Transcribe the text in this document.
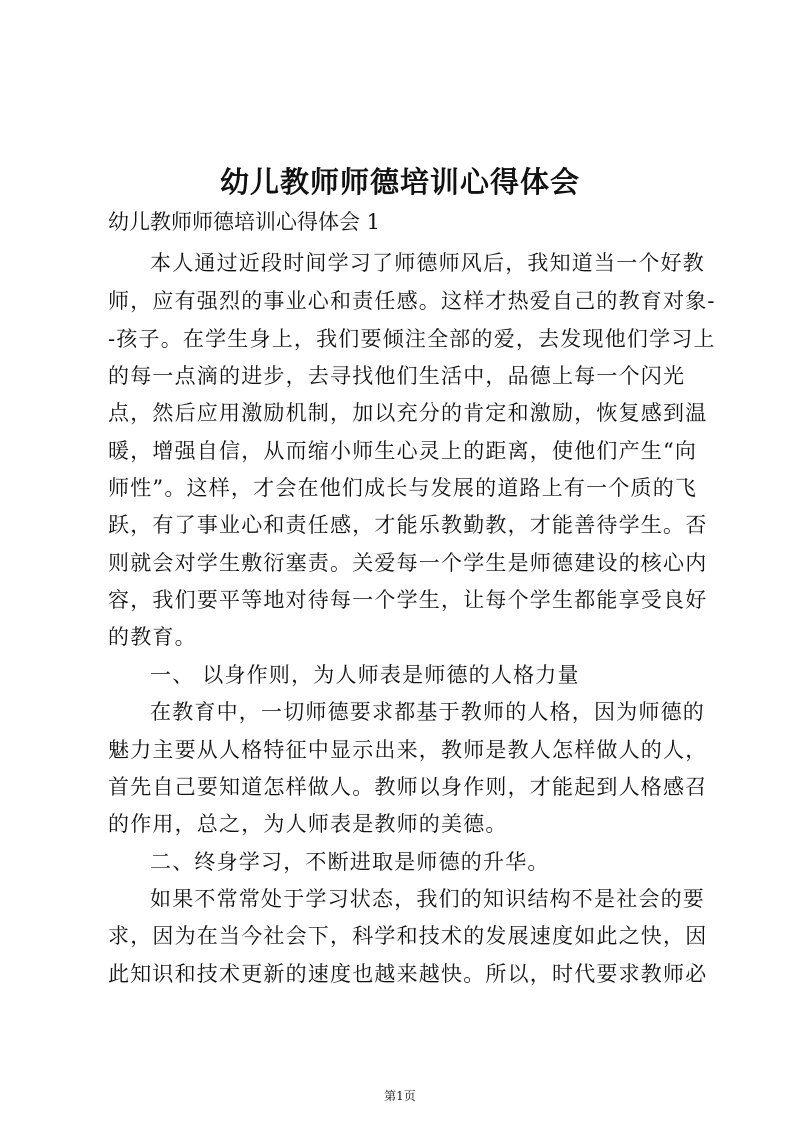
幼儿教师师德培训心得体会
幼儿教师师德培训心得体会 1
本人通过近段时间学习了师德师风后，我知道当一个好教
师，应有强烈的事业心和责任感。这样才热爱自己的教育对象-
-孩子。在学生身上，我们要倾注全部的爱，去发现他们学习上
的每一点滴的进步，去寻找他们生活中，品德上每一个闪光
点，然后应用激励机制，加以充分的肯定和激励，恢复感到温
暖，增强自信，从而缩小师生心灵上的距离，使他们产生“向
师性”。这样，才会在他们成长与发展的道路上有一个质的飞
跃，有了事业心和责任感，才能乐教勤教，才能善待学生。否
则就会对学生敷衍塞责。关爱每一个学生是师德建设的核心内
容，我们要平等地对待每一个学生，让每个学生都能享受良好
的教育。
一、 以身作则，为人师表是师德的人格力量
在教育中，一切师德要求都基于教师的人格，因为师德的
魅力主要从人格特征中显示出来，教师是教人怎样做人的人，
首先自己要知道怎样做人。教师以身作则，才能起到人格感召
的作用，总之，为人师表是教师的美德。
二、终身学习，不断进取是师德的升华。
如果不常常处于学习状态，我们的知识结构不是社会的要
求，因为在当今社会下，科学和技术的发展速度如此之快，因
此知识和技术更新的速度也越来越快。所以，时代要求教师必
第1页
